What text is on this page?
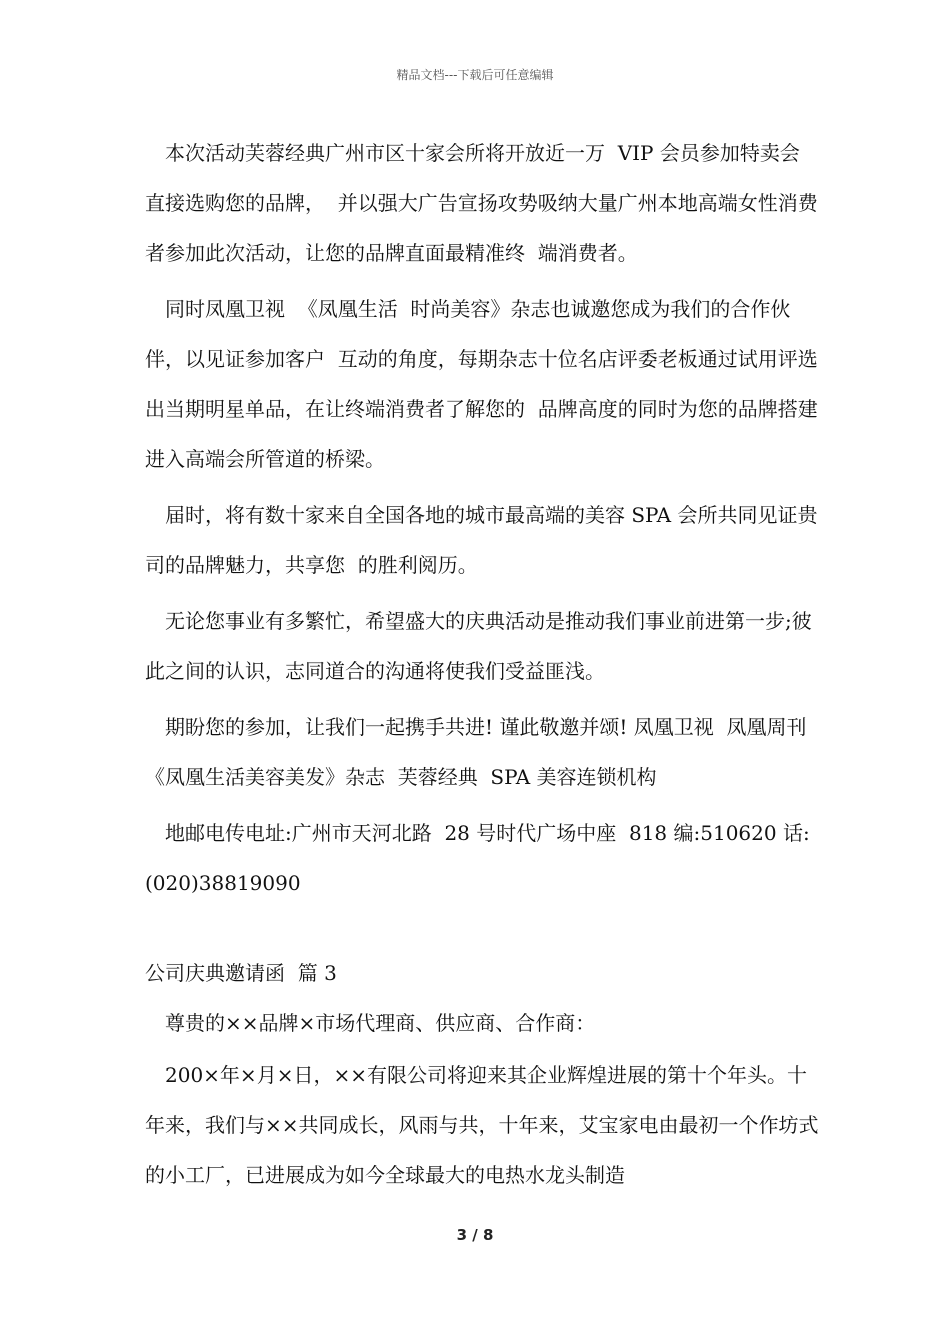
精品文档---下载后可任意编辑

本次活动芙蓉经典广州市区十家会所将开放近一万  VIP 会员参加特卖会  直接选购您的品牌，  并以强大广告宣扬攻势吸纳大量广州本地高端女性消费者参加此次活动，让您的品牌直面最精准终  端消费者。

同时凤凰卫视  《凤凰生活  时尚美容》杂志也诚邀您成为我们的合作伙伴，以见证参加客户  互动的角度，每期杂志十位名店评委老板通过试用评选出当期明星单品，在让终端消费者了解您的  品牌高度的同时为您的品牌搭建进入高端会所管道的桥梁。

届时，将有数十家来自全国各地的城市最高端的美容 SPA 会所共同见证贵司的品牌魅力，共享您  的胜利阅历。

无论您事业有多繁忙，希望盛大的庆典活动是推动我们事业前进第一步;彼此之间的认识，志同道合的沟通将使我们受益匪浅。

期盼您的参加，让我们一起携手共进! 谨此敬邀并颂! 凤凰卫视  凤凰周刊  《凤凰生活美容美发》杂志  芙蓉经典  SPA 美容连锁机构

地邮电传电址:广州市天河北路  28 号时代广场中座  818 编:510620 话:(020)38819090

公司庆典邀请函  篇 3

尊贵的××品牌×市场代理商、供应商、合作商：

200×年×月×日，××有限公司将迎来其企业辉煌进展的第十个年头。十年来，我们与××共同成长，风雨与共，十年来，艾宝家电由最初一个作坊式的小工厂，已进展成为如今全球最大的电热水龙头制造

3 / 8
